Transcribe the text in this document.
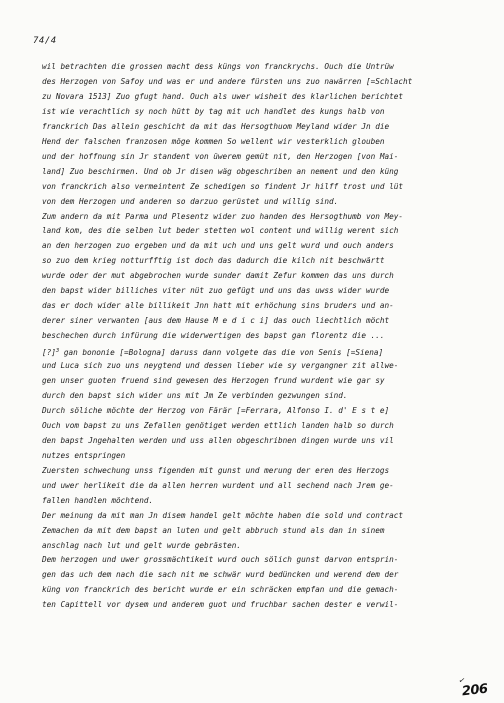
74/4
wil betrachten die grossen macht dess küngs von franckrychs. Ouch die Untrüw
des Herzogen von Safoy und was er und andere fürsten uns zuo nawärren [=Schlacht
zu Novara 1513] Zuo gfugt hand. Ouch als uwer wisheit des klarlichen berichtet
ist wie verachtlich sy noch hütt by tag mit uch handlet des kungs halb von
franckrich Das allein geschicht da mit das Hersogthuom Meyland wider Jn die
Hend der falschen franzosen möge kommen So wellent wir vesterklich glouben
und der hoffnung sin Jr standent von üwerem gemüt nit, den Herzogen [von Mai-
land] Zuo beschirmen. Und ob Jr disen wäg obgeschriben an nement und den küng
von franckrich also vermeintent Ze schedigen so findent Jr hilff trost und lüt
von dem Herzogen und anderen so darzuo gerüstet und willig sind.
Zum andern da mit Parma und Plesentz wider zuo handen des Hersogthumb von Mey-
land kom, des die selben lut beder stetten wol content und willig werent sich
an den herzogen zuo ergeben und da mit uch und uns gelt wurd und ouch anders
so zuo dem krieg notturfftig ist doch das dadurch die kilch nit beschwärtt
wurde oder der mut abgebrochen wurde sunder damit Zefur kommen das uns durch
den bapst wider billiches viter nüt zuo gefügt und uns das uwss wider wurde
das er doch wider alle billikeit Jnn hatt mit erhöchung sins bruders und an-
derer siner verwanten [aus dem Hause M e d i c i] das ouch liechtlich möcht
beschechen durch infürung die widerwertigen des bapst gan florentz die ...
[?]$^3$ gan bononie [=Bologna] daruss dann volgete das die von Senis [=Siena]
und Luca sich zuo uns neygtend und dessen lieber wie sy vergangner zit allwe-
gen unser guoten fruend sind gewesen des Herzogen frund wurdent wie gar sy
durch den bapst sich wider uns mit Jm Ze verbinden gezwungen sind.
Durch söliche möchte der Herzog von Färär [=Ferrara, Alfonso I. d' E s t e]
Ouch vom bapst zu uns Zefallen genötiget werden ettlich landen halb so durch
den bapst Jngehalten werden und uss allen obgeschribnen dingen wurde uns vil
nutzes entspringen
Zuersten schwechung unss figenden mit gunst und merung der eren des Herzogs
und uwer herlikeit die da allen herren wurdent und all sechend nach Jrem ge-
fallen handlen möchtend.
Der meinung da mit man Jn disem handel gelt möchte haben die sold und contract
Zemachen da mit dem bapst an luten und gelt abbruch stund als dan in sinem
anschlag nach lut und gelt wurde gebrästen.
Dem herzogen und uwer grossmächtikeit wurd ouch sölich gunst darvon entsprin-
gen das uch dem nach die sach nit me schwär wurd bedüncken und werend dem der
küng von franckrich des bericht wurde er ein schräcken empfan und die gemach-
ten Capittell vor dysem und anderem guot und fruchbar sachen dester e verwil-
✓
206
